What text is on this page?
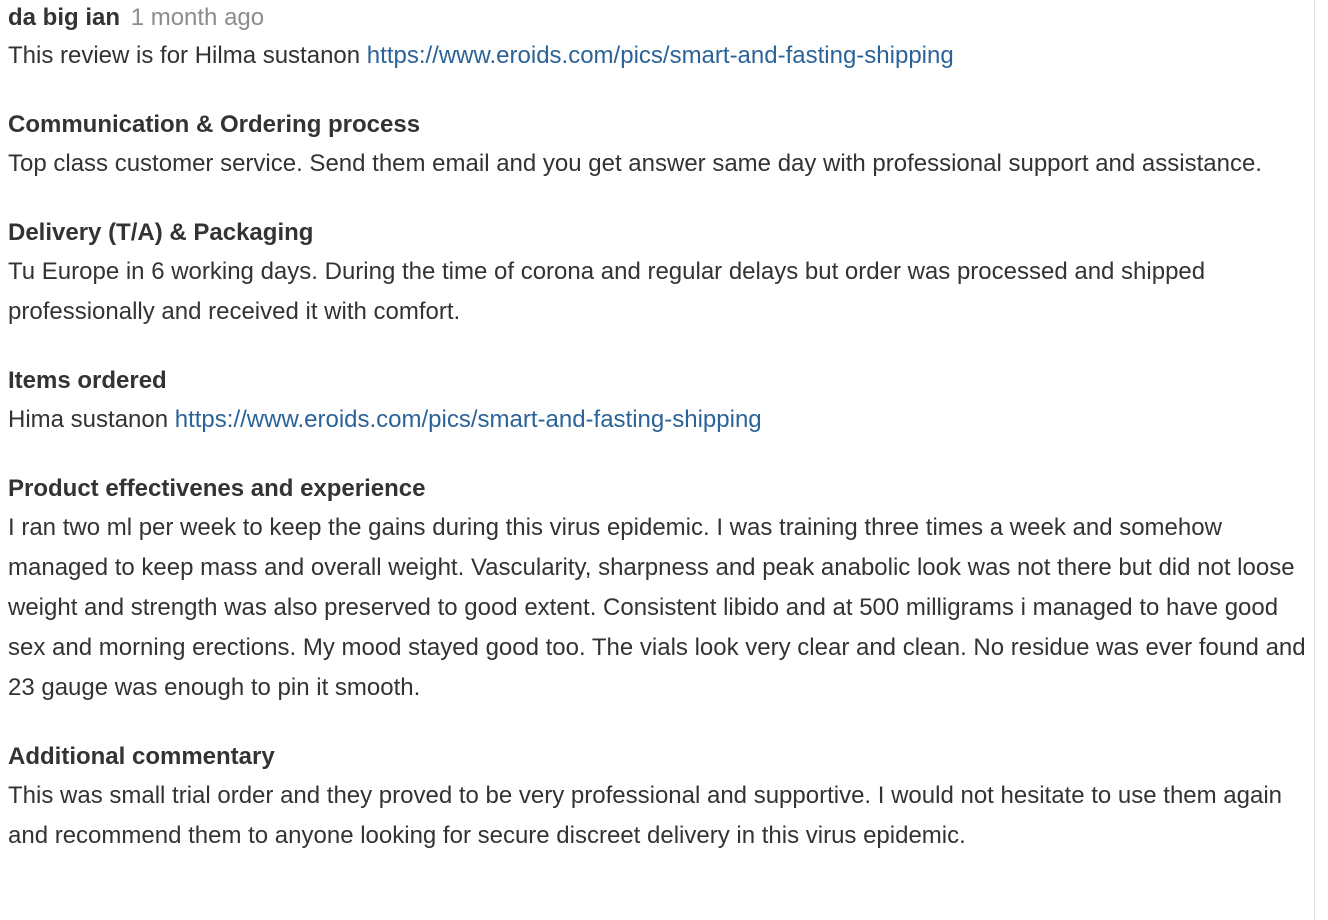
da big ian 1 month ago

This review is for Hilma sustanon https://www.eroids.com/pics/smart-and-fasting-shipping

Communication & Ordering process

Top class customer service. Send them email and you get answer same day with professional support and assistance.

Delivery (T/A) & Packaging

Tu Europe in 6 working days. During the time of corona and regular delays but order was processed and shipped professionally and received it with comfort.

Items ordered

Hima sustanon https://www.eroids.com/pics/smart-and-fasting-shipping

Product effectivenes and experience

I ran two ml per week to keep the gains during this virus epidemic. I was training three times a week and somehow managed to keep mass and overall weight. Vascularity, sharpness and peak anabolic look was not there but did not loose weight and strength was also preserved to good extent. Consistent libido and at 500 milligrams i managed to have good sex and morning erections. My mood stayed good too. The vials look very clear and clean. No residue was ever found and 23 gauge was enough to pin it smooth.

Additional commentary

This was small trial order and they proved to be very professional and supportive. I would not hesitate to use them again and recommend them to anyone looking for secure discreet delivery in this virus epidemic.
